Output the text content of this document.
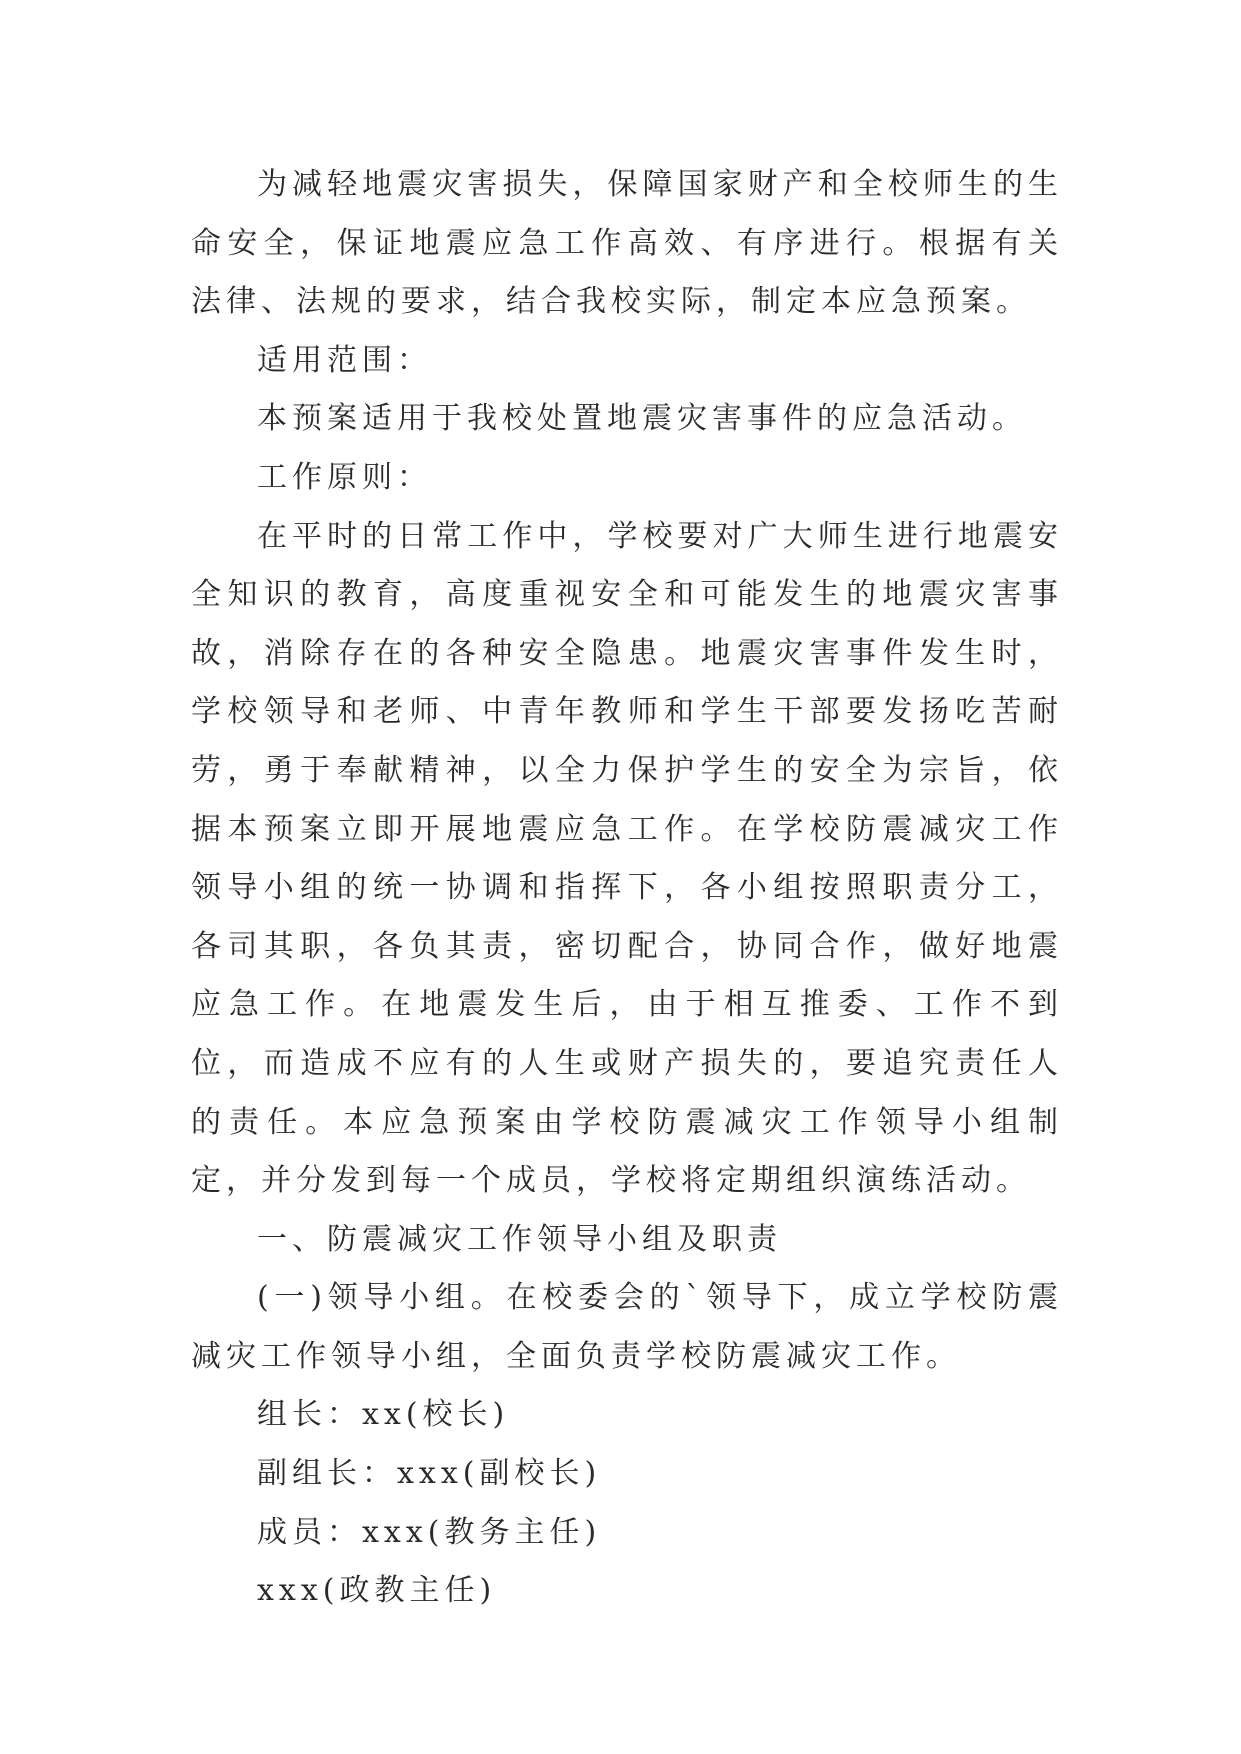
为减轻地震灾害损失，保障国家财产和全校师生的生命安全，保证地震应急工作高效、有序进行。根据有关法律、法规的要求，结合我校实际，制定本应急预案。

适用范围：

本预案适用于我校处置地震灾害事件的应急活动。

工作原则：

在平时的日常工作中，学校要对广大师生进行地震安全知识的教育，高度重视安全和可能发生的地震灾害事故，消除存在的各种安全隐患。地震灾害事件发生时，学校领导和老师、中青年教师和学生干部要发扬吃苦耐劳，勇于奉献精神，以全力保护学生的安全为宗旨，依据本预案立即开展地震应急工作。在学校防震减灾工作领导小组的统一协调和指挥下，各小组按照职责分工，各司其职，各负其责，密切配合，协同合作，做好地震应急工作。在地震发生后，由于相互推委、工作不到位，而造成不应有的人生或财产损失的，要追究责任人的责任。本应急预案由学校防震减灾工作领导小组制定，并分发到每一个成员，学校将定期组织演练活动。

一、防震减灾工作领导小组及职责

(一)领导小组。在校委会的`领导下，成立学校防震减灾工作领导小组，全面负责学校防震减灾工作。

组长：xx(校长)

副组长：xxx(副校长)

成员：xxx(教务主任)

xxx(政教主任)
